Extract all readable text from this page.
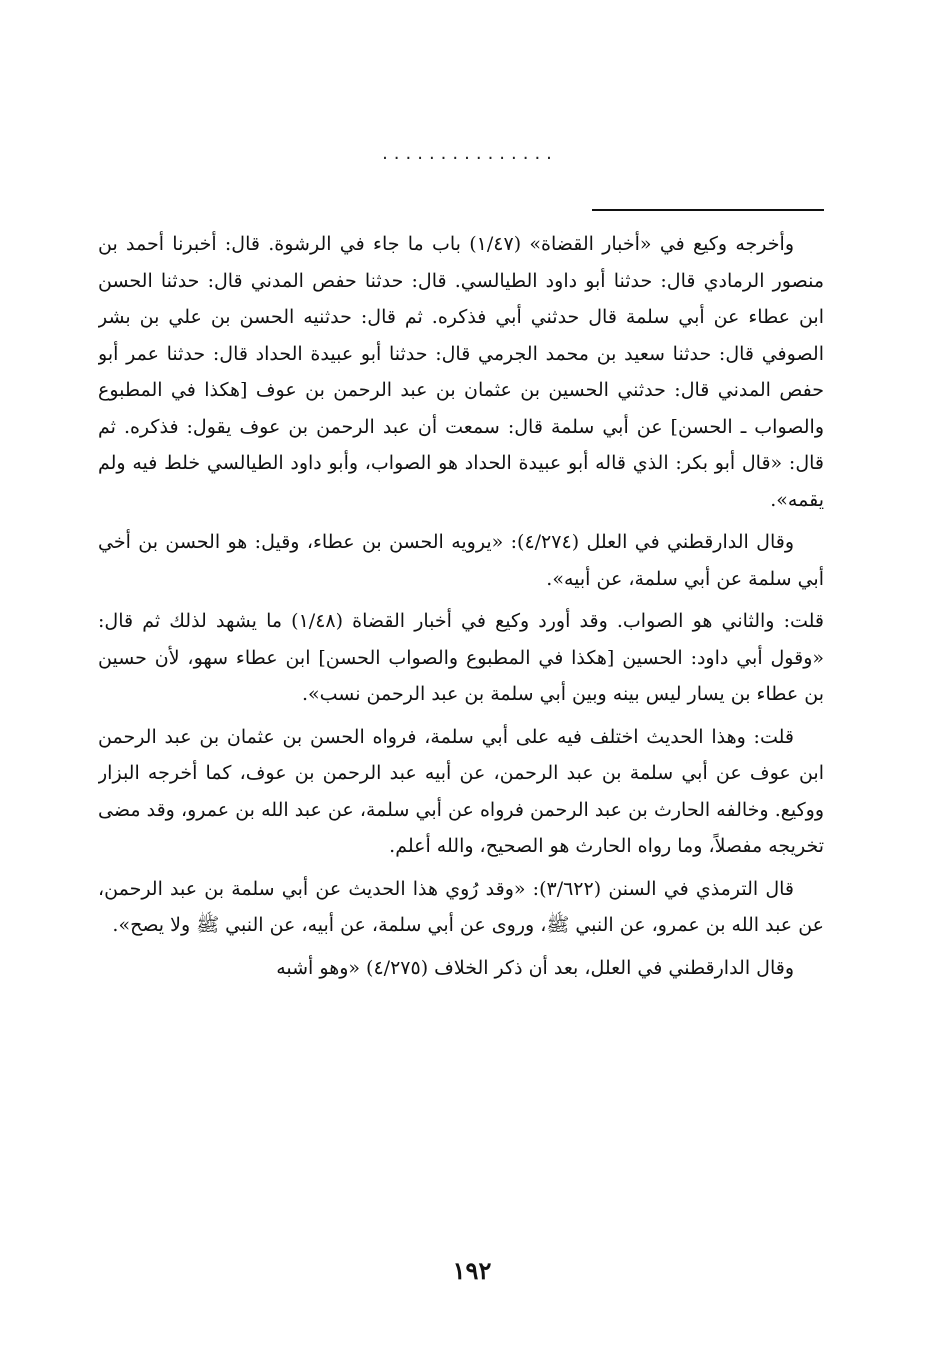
...............

وأخرجه وكيع في «أخبار القضاة» (١/٤٧) باب ما جاء في الرشوة. قال: أخبرنا أحمد بن منصور الرمادي قال: حدثنا أبو داود الطيالسي. قال: حدثنا حفص المدني قال: حدثنا الحسن ابن عطاء عن أبي سلمة قال حدثني أبي فذكره. ثم قال: حدثنيه الحسن بن علي بن بشر الصوفي قال: حدثنا سعيد بن محمد الجرمي قال: حدثنا أبو عبيدة الحداد قال: حدثنا عمر أبو حفص المدني قال: حدثني الحسين بن عثمان بن عبد الرحمن بن عوف [هكذا في المطبوع والصواب ـ الحسن] عن أبي سلمة قال: سمعت أن عبد الرحمن بن عوف يقول: فذكره. ثم قال: «قال أبو بكر: الذي قاله أبو عبيدة الحداد هو الصواب، وأبو داود الطيالسي خلط فيه ولم يقمه».

وقال الدارقطني في العلل (٤/٢٧٤): «يرويه الحسن بن عطاء، وقيل: هو الحسن بن أخي أبي سلمة عن أبي سلمة، عن أبيه».

قلت: والثاني هو الصواب. وقد أورد وكيع في أخبار القضاة (١/٤٨) ما يشهد لذلك ثم قال: «وقول أبي داود: الحسين [هكذا في المطبوع والصواب الحسن] ابن عطاء سهو، لأن حسين بن عطاء بن يسار ليس بينه وبين أبي سلمة بن عبد الرحمن نسب».

قلت: وهذا الحديث اختلف فيه على أبي سلمة، فرواه الحسن بن عثمان بن عبد الرحمن ابن عوف عن أبي سلمة بن عبد الرحمن، عن أبيه عبد الرحمن بن عوف، كما أخرجه البزار ووكيع. وخالفه الحارث بن عبد الرحمن فرواه عن أبي سلمة، عن عبد الله بن عمرو، وقد مضى تخريجه مفصلاً، وما رواه الحارث هو الصحيح، والله أعلم.

قال الترمذي في السنن (٣/٦٢٢): «وقد رُوي هذا الحديث عن أبي سلمة بن عبد الرحمن، عن عبد الله بن عمرو، عن النبي ﷺ، وروى عن أبي سلمة، عن أبيه، عن النبي ﷺ ولا يصح».

وقال الدارقطني في العلل، بعد أن ذكر الخلاف (٤/٢٧٥) «وهو أشبه

١٩٢
